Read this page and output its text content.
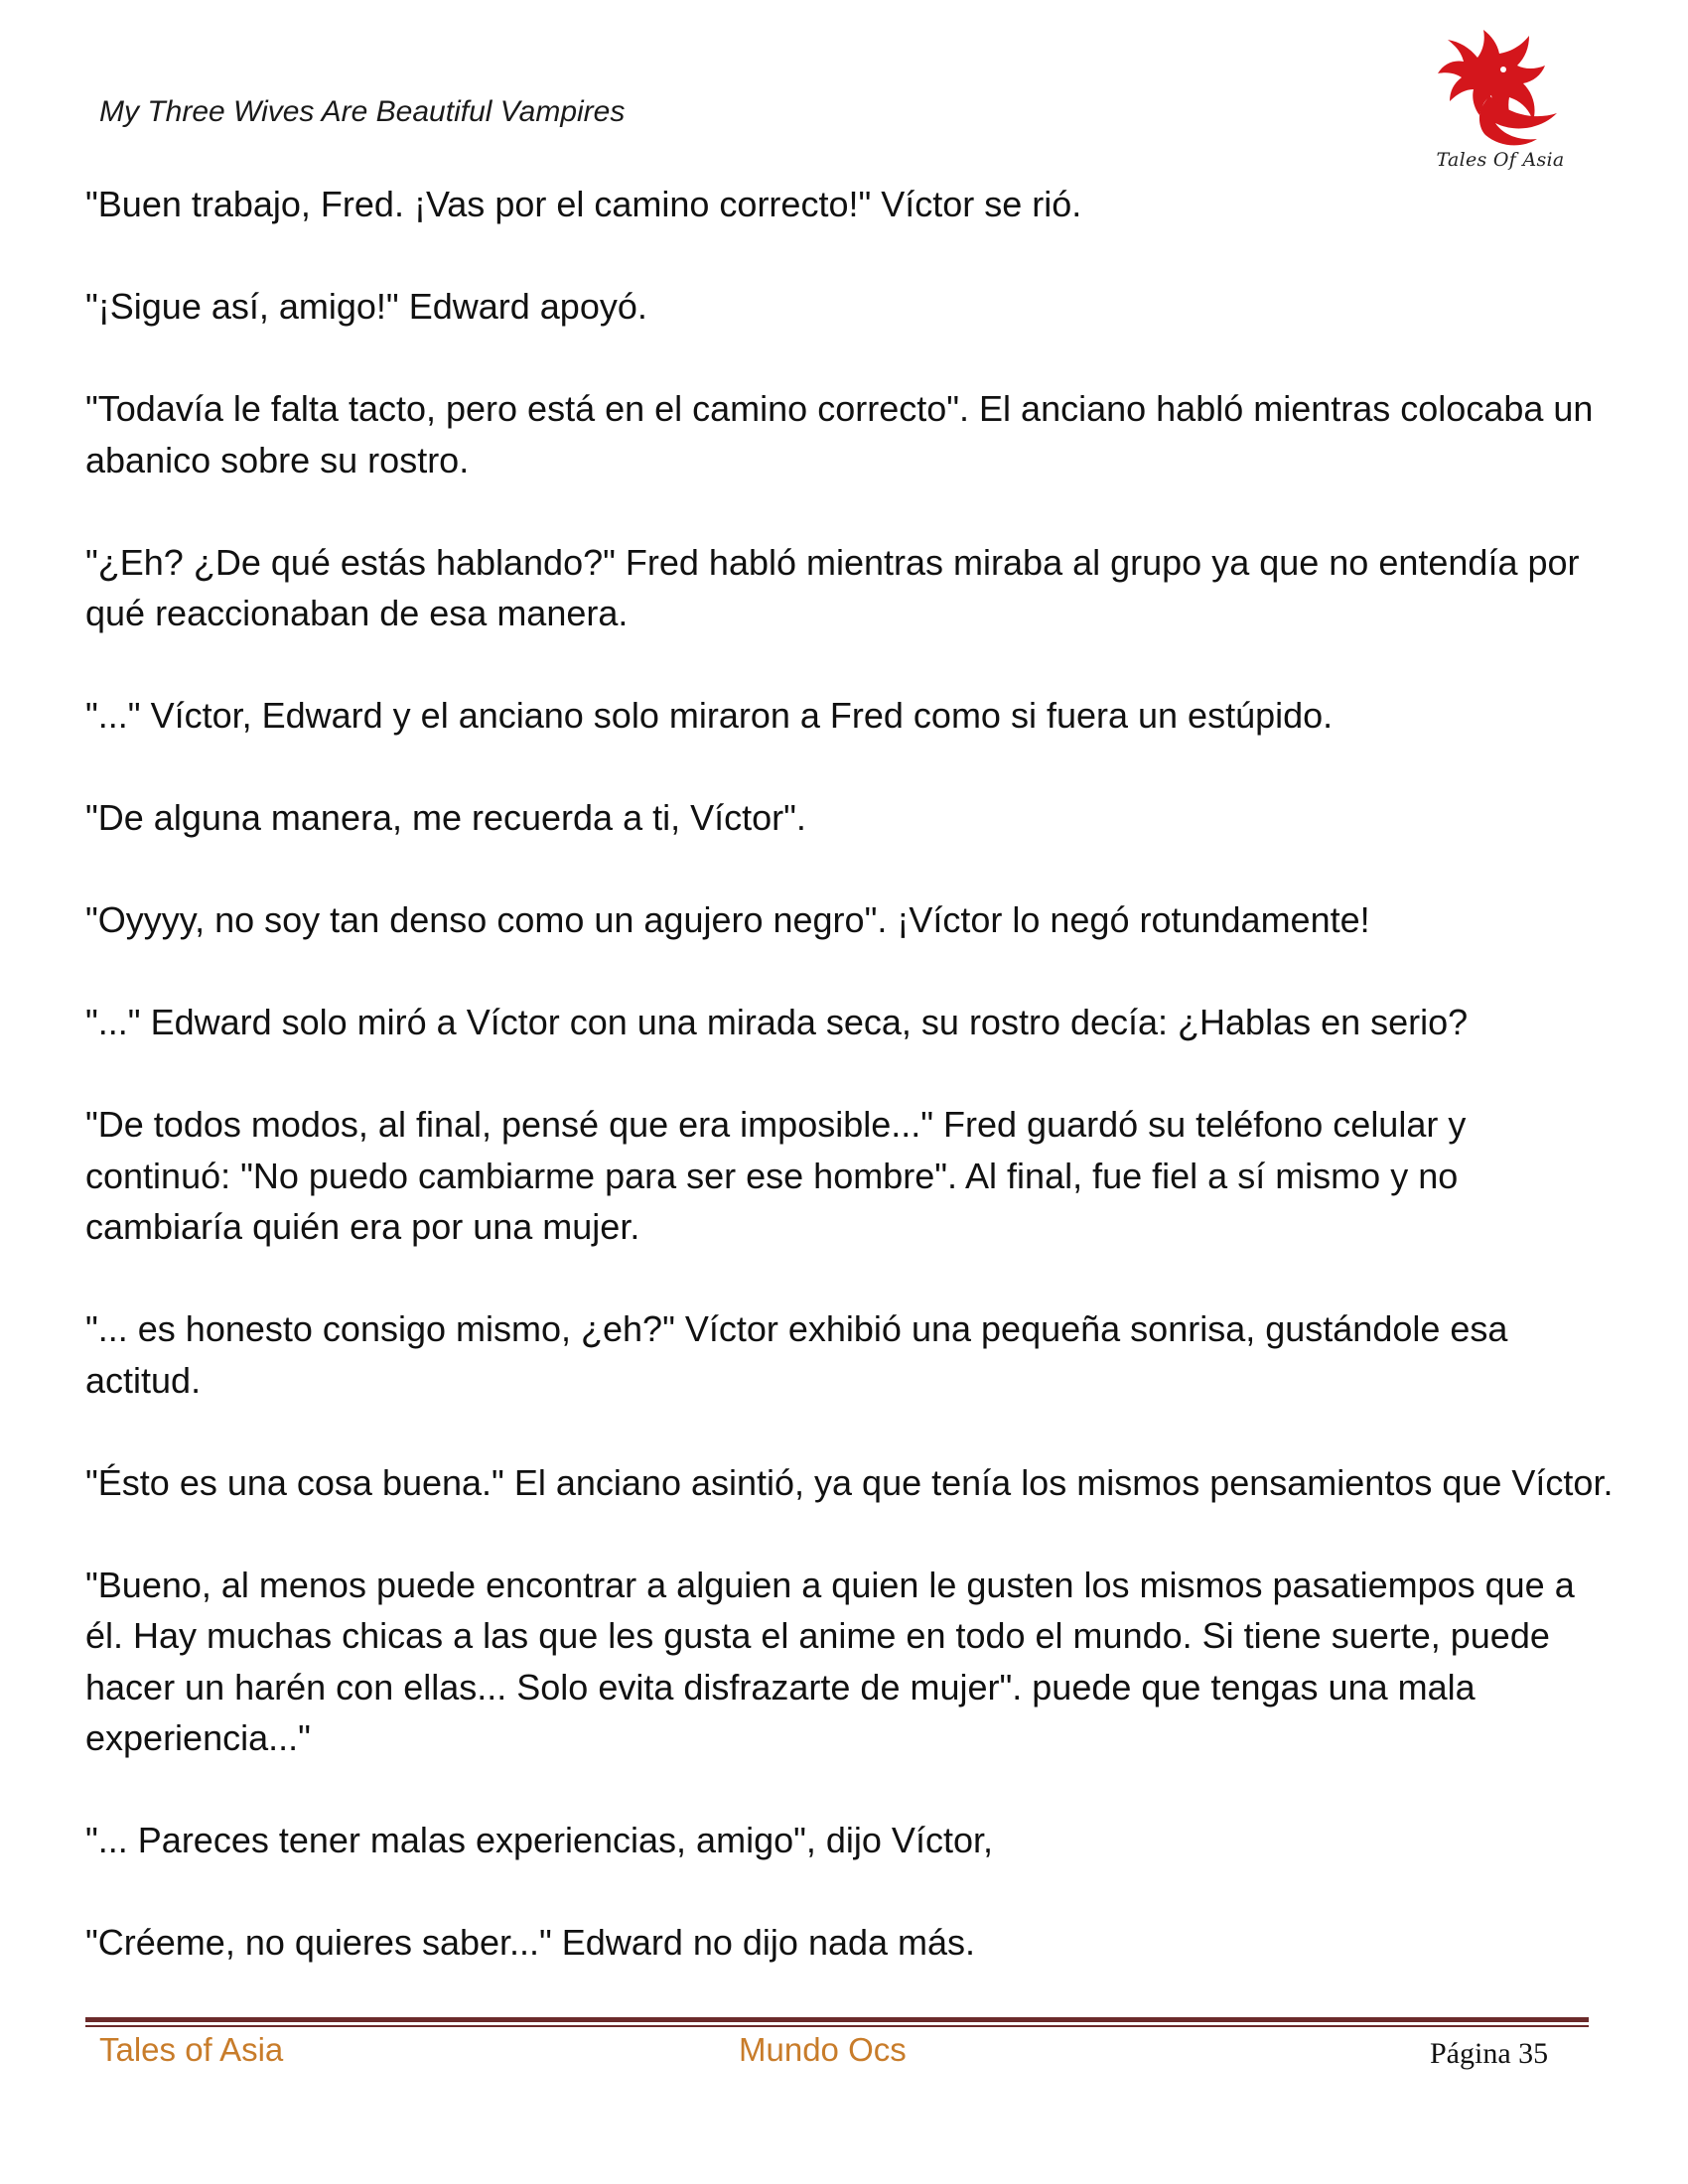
My Three Wives Are Beautiful Vampires
Tales Of Asia

"Buen trabajo, Fred. ¡Vas por el camino correcto!" Víctor se rió.

"¡Sigue así, amigo!" Edward apoyó.

"Todavía le falta tacto, pero está en el camino correcto". El anciano habló mientras colocaba un abanico sobre su rostro.

"¿Eh? ¿De qué estás hablando?" Fred habló mientras miraba al grupo ya que no entendía por qué reaccionaban de esa manera.

"..." Víctor, Edward y el anciano solo miraron a Fred como si fuera un estúpido.

"De alguna manera, me recuerda a ti, Víctor".

"Oyyyy, no soy tan denso como un agujero negro". ¡Víctor lo negó rotundamente!

"..." Edward solo miró a Víctor con una mirada seca, su rostro decía: ¿Hablas en serio?

"De todos modos, al final, pensé que era imposible..." Fred guardó su teléfono celular y continuó: "No puedo cambiarme para ser ese hombre". Al final, fue fiel a sí mismo y no cambiaría quién era por una mujer.

"... es honesto consigo mismo, ¿eh?" Víctor exhibió una pequeña sonrisa, gustándole esa actitud.

"Ésto es una cosa buena." El anciano asintió, ya que tenía los mismos pensamientos que Víctor.

"Bueno, al menos puede encontrar a alguien a quien le gusten los mismos pasatiempos que a él. Hay muchas chicas a las que les gusta el anime en todo el mundo. Si tiene suerte, puede hacer un harén con ellas... Solo evita disfrazarte de mujer". puede que tengas una mala experiencia..."

"... Pareces tener malas experiencias, amigo", dijo Víctor,

"Créeme, no quieres saber..." Edward no dijo nada más.

Tales of Asia	Mundo Ocs	Página 35
